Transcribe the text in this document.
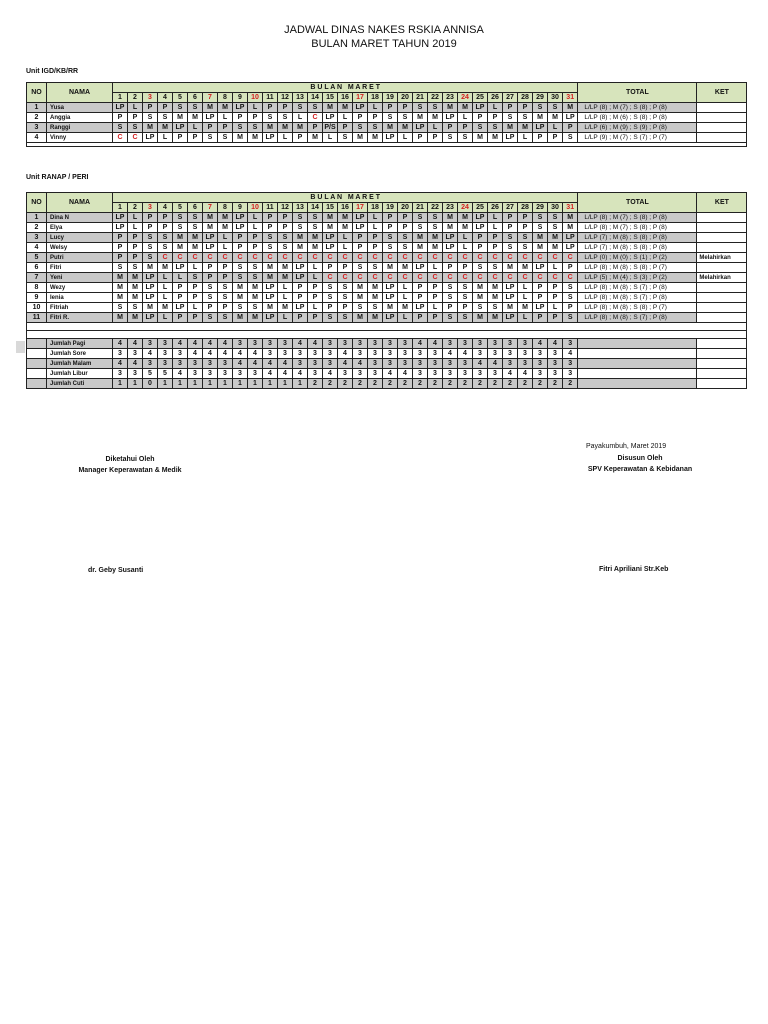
JADWAL DINAS NAKES RSKIA ANNISA
BULAN MARET TAHUN 2019
Unit IGD/KB/RR
NO	NAMA	B U L A N   M A R E T																															TOTAL	KET
		1	2	3	4	5	6	7	8	9	10	11	12	13	14	15	16	17	18	19	20	21	22	23	24	25	26	27	28	29	30	31		
1	Yusa	LP	L	P	P	S	S	M	M	LP	L	P	P	S	S	M	M	LP	L	P	P	S	S	M	M	LP	L	P	P	S	S	M	L/LP (8) ; M (7) ; S (8) ; P (8)	
2	Anggia	P	P	S	S	M	M	LP	L	P	P	S	S	L	C	LP	L	P	P	S	S	M	M	LP	L	P	P	S	S	M	M	LP	L/LP (8) ; M (6) ; S (8) ; P (8)	
3	Ranggi	S	S	M	M	LP	L	P	P	S	S	M	M	M	P	P/S	P	S	S	M	M	LP	L	P	P	S	S	M	M	LP	L	P	L/LP (6) ; M (9) ; S (9) ; P (8)	
4	Vinny	C	C	LP	L	P	P	S	S	M	M	LP	L	P	M	L	S	M	M	LP	L	P	P	S	S	M	M	LP	L	P	P	S	L/LP (9) ; M (7) ; S (7) ; P (7)	

Unit RANAP / PERI
NO	NAMA	B U L A N   M A R E T																															TOTAL	KET
		1	2	3	4	5	6	7	8	9	10	11	12	13	14	15	16	17	18	19	20	21	22	23	24	25	26	27	28	29	30	31		
1	Dina N	LP	L	P	P	S	S	M	M	LP	L	P	P	S	S	M	M	LP	L	P	P	S	S	M	M	LP	L	P	P	S	S	M	L/LP (8) ; M (7) ; S (8) ; P (8)	
2	Elya	LP	L	P	P	S	S	M	M	LP	L	P	P	S	S	M	M	LP	L	P	P	S	S	M	M	LP	L	P	P	S	S	M	L/LP (8) ; M (7) ; S (8) ; P (8)	
3	Lucy	P	P	S	S	M	M	LP	L	P	P	S	S	M	M	LP	L	P	P	S	S	M	M	LP	L	P	P	S	S	M	M	LP	L/LP (7) ; M (8) ; S (8) ; P (8)	
4	Welsy	P	P	S	S	M	M	LP	L	P	P	S	S	M	M	LP	L	P	P	S	S	M	M	LP	L	P	P	S	S	M	M	LP	L/LP (7) ; M (8) ; S (8) ; P (8)	
5	Putri	P	P	S	C	C	C	C	C	C	C	C	C	C	C	C	C	C	C	C	C	C	C	C	C	C	C	C	C	C	C	C	L/LP (0) ; M (0) ; S (1) ; P (2)	Melahirkan
6	Fitri	S	S	M	M	LP	L	P	P	S	S	M	M	LP	L	P	P	S	S	M	M	LP	L	P	P	S	S	M	M	LP	L	P	L/LP (8) ; M (8) ; S (8) ; P (7)	
7	Yeni	M	M	LP	L	L	S	P	P	S	S	M	M	LP	L	C	C	C	C	C	C	C	C	C	C	C	C	C	C	C	C	C	L/LP (5) ; M (4) ; S (3) ; P (2)	Melahirkan
8	Wezy	M	M	LP	L	P	P	S	S	M	M	LP	L	P	P	S	S	M	M	LP	L	P	P	S	S	M	M	LP	L	P	P	S	L/LP (8) ; M (8) ; S (7) ; P (8)	
9	Ienia	M	M	LP	L	P	P	S	S	M	M	LP	L	P	P	S	S	M	M	LP	L	P	P	S	S	M	M	LP	L	P	P	S	L/LP (8) ; M (8) ; S (7) ; P (8)	
10	Fitriah	S	S	M	M	LP	L	P	P	S	S	M	M	LP	L	P	P	S	S	M	M	LP	L	P	P	S	S	M	M	LP	L	P	L/LP (8) ; M (8) ; S (8) ; P (7)	
11	Fitri R.	M	M	LP	L	P	P	S	S	M	M	LP	L	P	P	S	S	M	M	LP	L	P	P	S	S	M	M	LP	L	P	P	S	L/LP (8) ; M (8) ; S (7) ; P (8)	

	Jumlah Pagi	4	4	3	3	4	4	4	4	3	3	3	3	4	4	3	3	3	3	3	3	4	4	3	3	3	3	3	3	4	4	3		
	Jumlah Sore	3	3	4	3	3	4	4	4	4	4	3	3	3	3	3	4	3	3	3	3	3	3	4	4	3	3	3	3	3	3	4		
	Jumlah Malam	4	4	3	3	3	3	3	3	4	4	4	4	3	3	3	4	4	3	3	3	3	3	3	3	4	4	3	3	3	3	3		
	Jumlah Libur	3	3	5	5	4	3	3	3	3	3	4	4	4	3	4	3	3	3	4	4	3	3	3	3	3	3	4	4	3	3	3		
	Jumlah Cuti	1	1	0	1	1	1	1	1	1	1	1	1	1	2	2	2	2	2	2	2	2	2	2	2	2	2	2	2	2	2	2		
Payakumbuh, Maret 2019
Diketahui Oleh
Manager Keperawatan & Medik
Disusun Oleh
SPV Keperawatan & Kebidanan
dr. Geby Susanti	Fitri Apriliani Str.Keb
